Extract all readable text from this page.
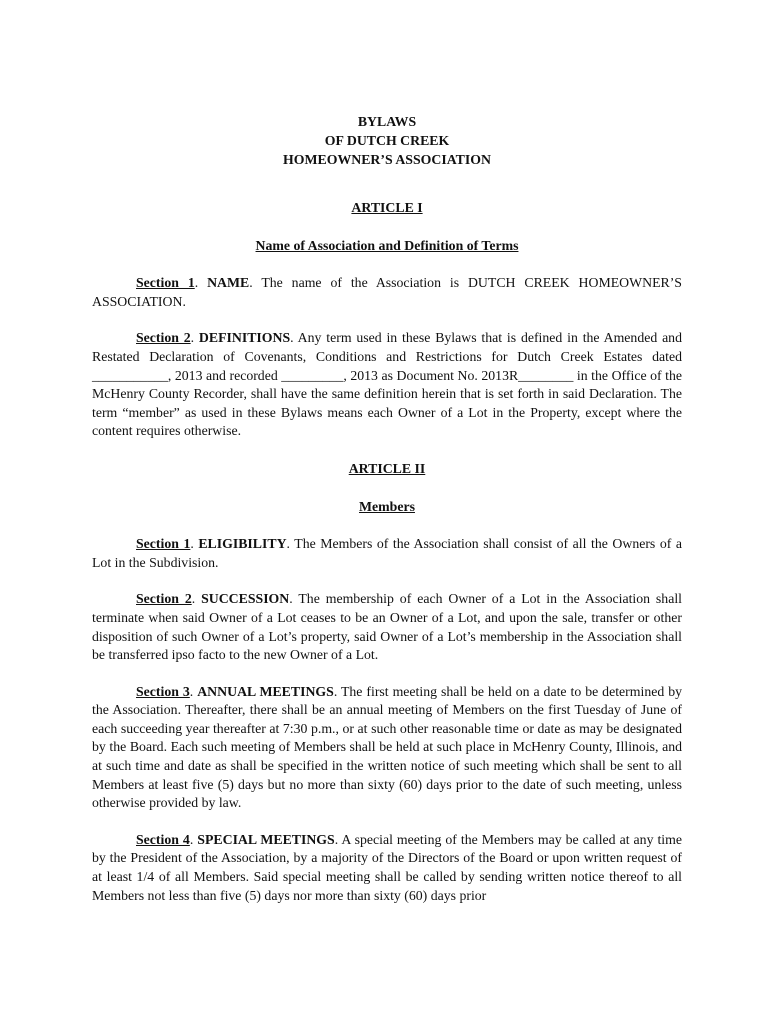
BYLAWS
OF DUTCH CREEK
HOMEOWNER’S ASSOCIATION
ARTICLE I
Name of Association and Definition of Terms

Section 1. NAME. The name of the Association is DUTCH CREEK HOMEOWNER’S ASSOCIATION.

Section 2. DEFINITIONS. Any term used in these Bylaws that is defined in the Amended and Restated Declaration of Covenants, Conditions and Restrictions for Dutch Creek Estates dated ___________, 2013 and recorded _________, 2013 as Document No. 2013R________ in the Office of the McHenry County Recorder, shall have the same definition herein that is set forth in said Declaration. The term “member” as used in these Bylaws means each Owner of a Lot in the Property, except where the content requires otherwise.

ARTICLE II
Members

Section 1. ELIGIBILITY. The Members of the Association shall consist of all the Owners of a Lot in the Subdivision.

Section 2. SUCCESSION. The membership of each Owner of a Lot in the Association shall terminate when said Owner of a Lot ceases to be an Owner of a Lot, and upon the sale, transfer or other disposition of such Owner of a Lot’s property, said Owner of a Lot’s membership in the Association shall be transferred ipso facto to the new Owner of a Lot.

Section 3. ANNUAL MEETINGS. The first meeting shall be held on a date to be determined by the Association. Thereafter, there shall be an annual meeting of Members on the first Tuesday of June of each succeeding year thereafter at 7:30 p.m., or at such other reasonable time or date as may be designated by the Board. Each such meeting of Members shall be held at such place in McHenry County, Illinois, and at such time and date as shall be specified in the written notice of such meeting which shall be sent to all Members at least five (5) days but no more than sixty (60) days prior to the date of such meeting, unless otherwise provided by law.

Section 4. SPECIAL MEETINGS. A special meeting of the Members may be called at any time by the President of the Association, by a majority of the Directors of the Board or upon written request of at least 1/4 of all Members. Said special meeting shall be called by sending written notice thereof to all Members not less than five (5) days nor more than sixty (60) days prior
